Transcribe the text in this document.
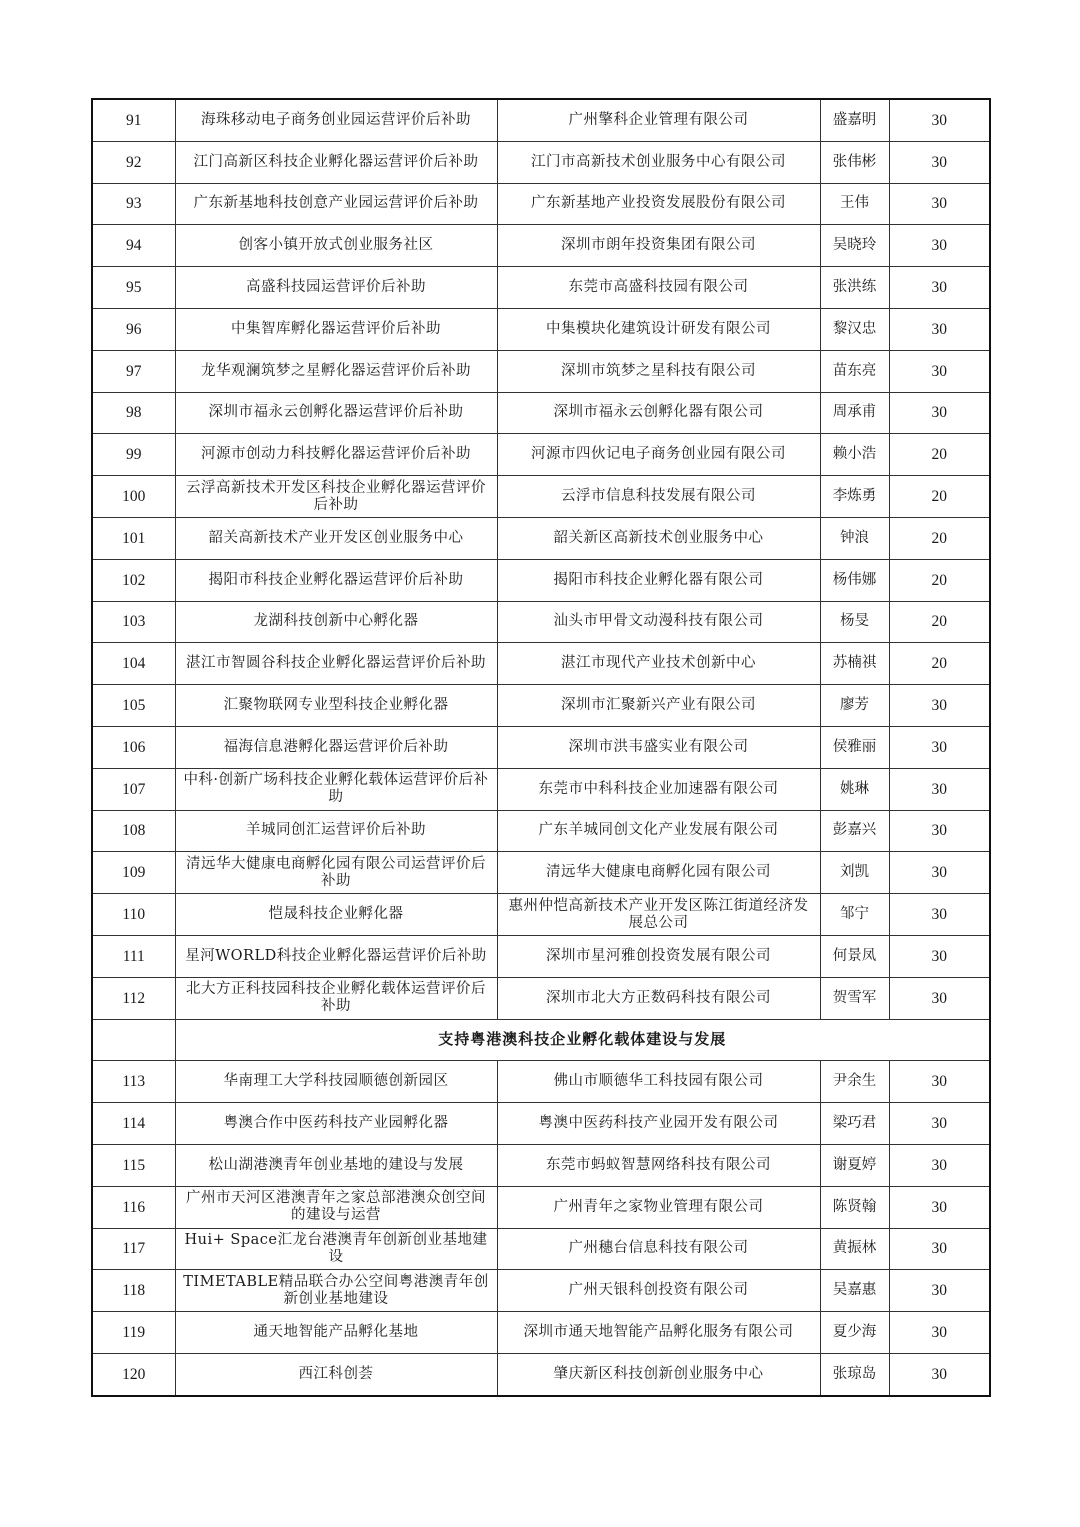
91	海珠移动电子商务创业园运营评价后补助	广州擎科企业管理有限公司	盛嘉明	30
92	江门高新区科技企业孵化器运营评价后补助	江门市高新技术创业服务中心有限公司	张伟彬	30
93	广东新基地科技创意产业园运营评价后补助	广东新基地产业投资发展股份有限公司	王伟	30
94	创客小镇开放式创业服务社区	深圳市朗年投资集团有限公司	吴晓玲	30
95	高盛科技园运营评价后补助	东莞市高盛科技园有限公司	张洪练	30
96	中集智库孵化器运营评价后补助	中集模块化建筑设计研发有限公司	黎汉忠	30
97	龙华观澜筑梦之星孵化器运营评价后补助	深圳市筑梦之星科技有限公司	苗东亮	30
98	深圳市福永云创孵化器运营评价后补助	深圳市福永云创孵化器有限公司	周承甫	30
99	河源市创动力科技孵化器运营评价后补助	河源市四伙记电子商务创业园有限公司	赖小浩	20
100	云浮高新技术开发区科技企业孵化器运营评价后补助	云浮市信息科技发展有限公司	李炼勇	20
101	韶关高新技术产业开发区创业服务中心	韶关新区高新技术创业服务中心	钟浪	20
102	揭阳市科技企业孵化器运营评价后补助	揭阳市科技企业孵化器有限公司	杨伟娜	20
103	龙湖科技创新中心孵化器	汕头市甲骨文动漫科技有限公司	杨旻	20
104	湛江市智圆谷科技企业孵化器运营评价后补助	湛江市现代产业技术创新中心	苏楠祺	20
105	汇聚物联网专业型科技企业孵化器	深圳市汇聚新兴产业有限公司	廖芳	30
106	福海信息港孵化器运营评价后补助	深圳市洪韦盛实业有限公司	侯雅丽	30
107	中科·创新广场科技企业孵化载体运营评价后补助	东莞市中科科技企业加速器有限公司	姚琳	30
108	羊城同创汇运营评价后补助	广东羊城同创文化产业发展有限公司	彭嘉兴	30
109	清远华大健康电商孵化园有限公司运营评价后补助	清远华大健康电商孵化园有限公司	刘凯	30
110	恺晟科技企业孵化器	惠州仲恺高新技术产业开发区陈江街道经济发展总公司	邹宁	30
111	星河WORLD科技企业孵化器运营评价后补助	深圳市星河雅创投资发展有限公司	何景凤	30
112	北大方正科技园科技企业孵化载体运营评价后补助	深圳市北大方正数码科技有限公司	贺雪军	30
	支持粤港澳科技企业孵化载体建设与发展			
113	华南理工大学科技园顺德创新园区	佛山市顺德华工科技园有限公司	尹余生	30
114	粤澳合作中医药科技产业园孵化器	粤澳中医药科技产业园开发有限公司	梁巧君	30
115	松山湖港澳青年创业基地的建设与发展	东莞市蚂蚁智慧网络科技有限公司	谢夏婷	30
116	广州市天河区港澳青年之家总部港澳众创空间的建设与运营	广州青年之家物业管理有限公司	陈贤翰	30
117	Hui+ Space汇龙台港澳青年创新创业基地建设	广州穗台信息科技有限公司	黄振林	30
118	TIMETABLE精品联合办公空间粤港澳青年创新创业基地建设	广州天银科创投资有限公司	吴嘉惠	30
119	通天地智能产品孵化基地	深圳市通天地智能产品孵化服务有限公司	夏少海	30
120	西江科创荟	肇庆新区科技创新创业服务中心	张琼岛	30
